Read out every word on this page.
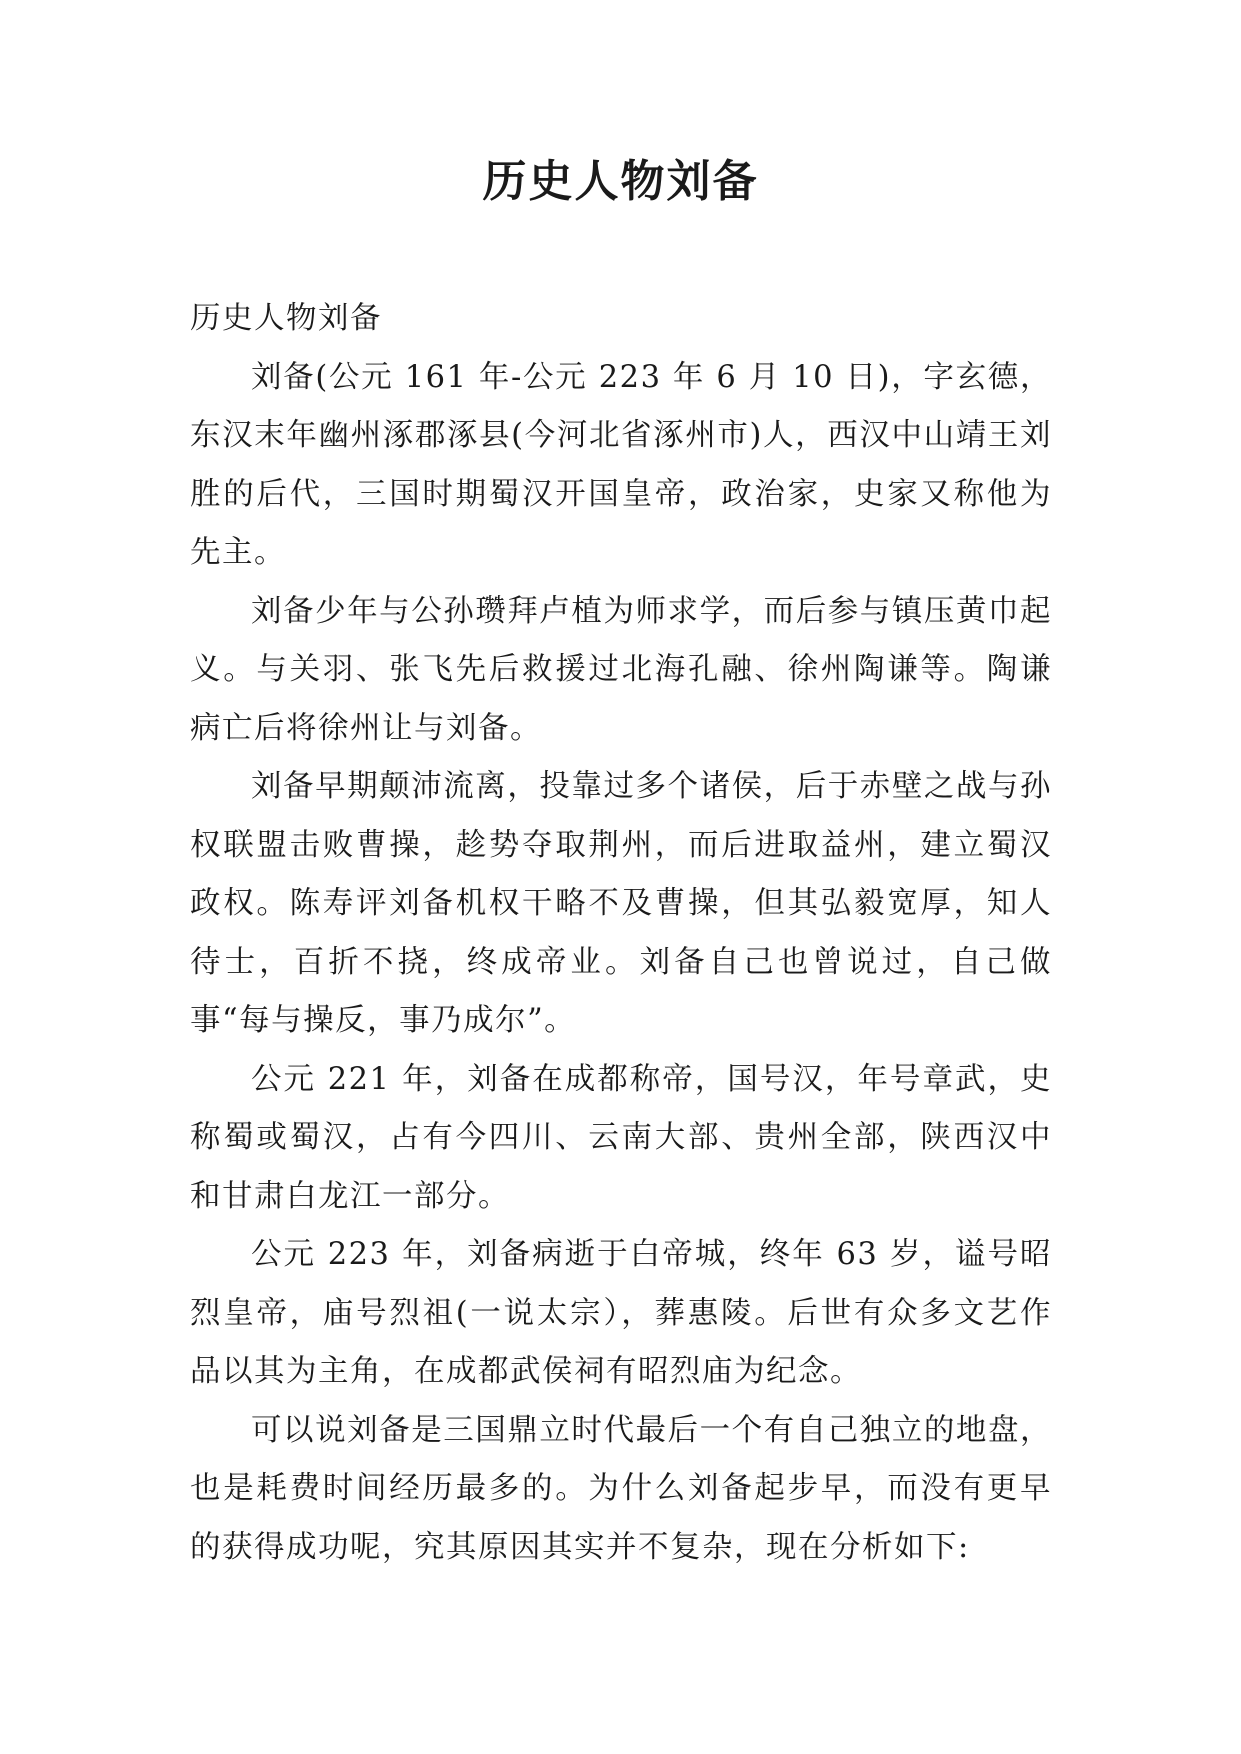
历史人物刘备

历史人物刘备

刘备(公元 161 年-公元 223 年 6 月 10 日)，字玄德，东汉末年幽州涿郡涿县(今河北省涿州市)人，西汉中山靖王刘胜的后代，三国时期蜀汉开国皇帝，政治家，史家又称他为先主。

刘备少年与公孙瓒拜卢植为师求学，而后参与镇压黄巾起义。与关羽、张飞先后救援过北海孔融、徐州陶谦等。陶谦病亡后将徐州让与刘备。

刘备早期颠沛流离，投靠过多个诸侯，后于赤壁之战与孙权联盟击败曹操，趁势夺取荆州，而后进取益州，建立蜀汉政权。陈寿评刘备机权干略不及曹操，但其弘毅宽厚，知人待士，百折不挠，终成帝业。刘备自己也曾说过，自己做事“每与操反，事乃成尔”。

公元 221 年，刘备在成都称帝，国号汉，年号章武，史称蜀或蜀汉，占有今四川、云南大部、贵州全部，陕西汉中和甘肃白龙江一部分。

公元 223 年，刘备病逝于白帝城，终年 63 岁，谥号昭烈皇帝，庙号烈祖(一说太宗），葬惠陵。后世有众多文艺作品以其为主角，在成都武侯祠有昭烈庙为纪念。

可以说刘备是三国鼎立时代最后一个有自己独立的地盘，也是耗费时间经历最多的。为什么刘备起步早，而没有更早的获得成功呢，究其原因其实并不复杂，现在分析如下:
